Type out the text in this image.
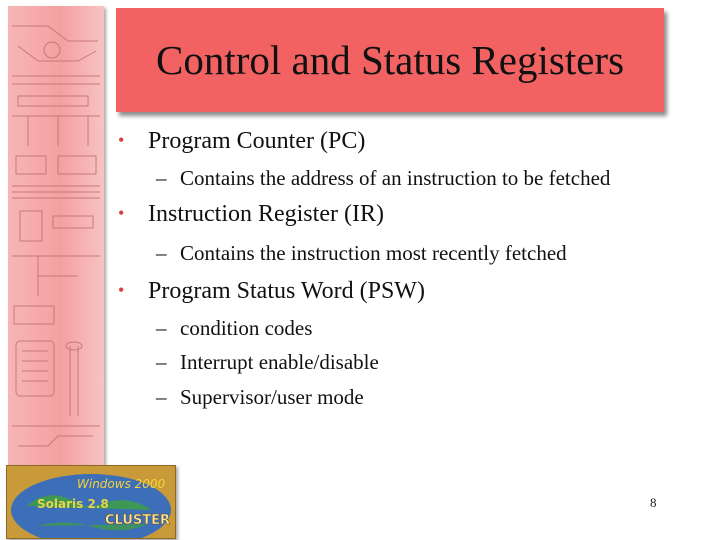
Windows 2000
Solaris 2.8
CLUSTER
Control and Status Registers
• Program Counter (PC)
– Contains the address of an instruction to be fetched
• Instruction Register (IR)
– Contains the instruction most recently fetched
• Program Status Word (PSW)
– condition codes
– Interrupt enable/disable
– Supervisor/user mode
8
